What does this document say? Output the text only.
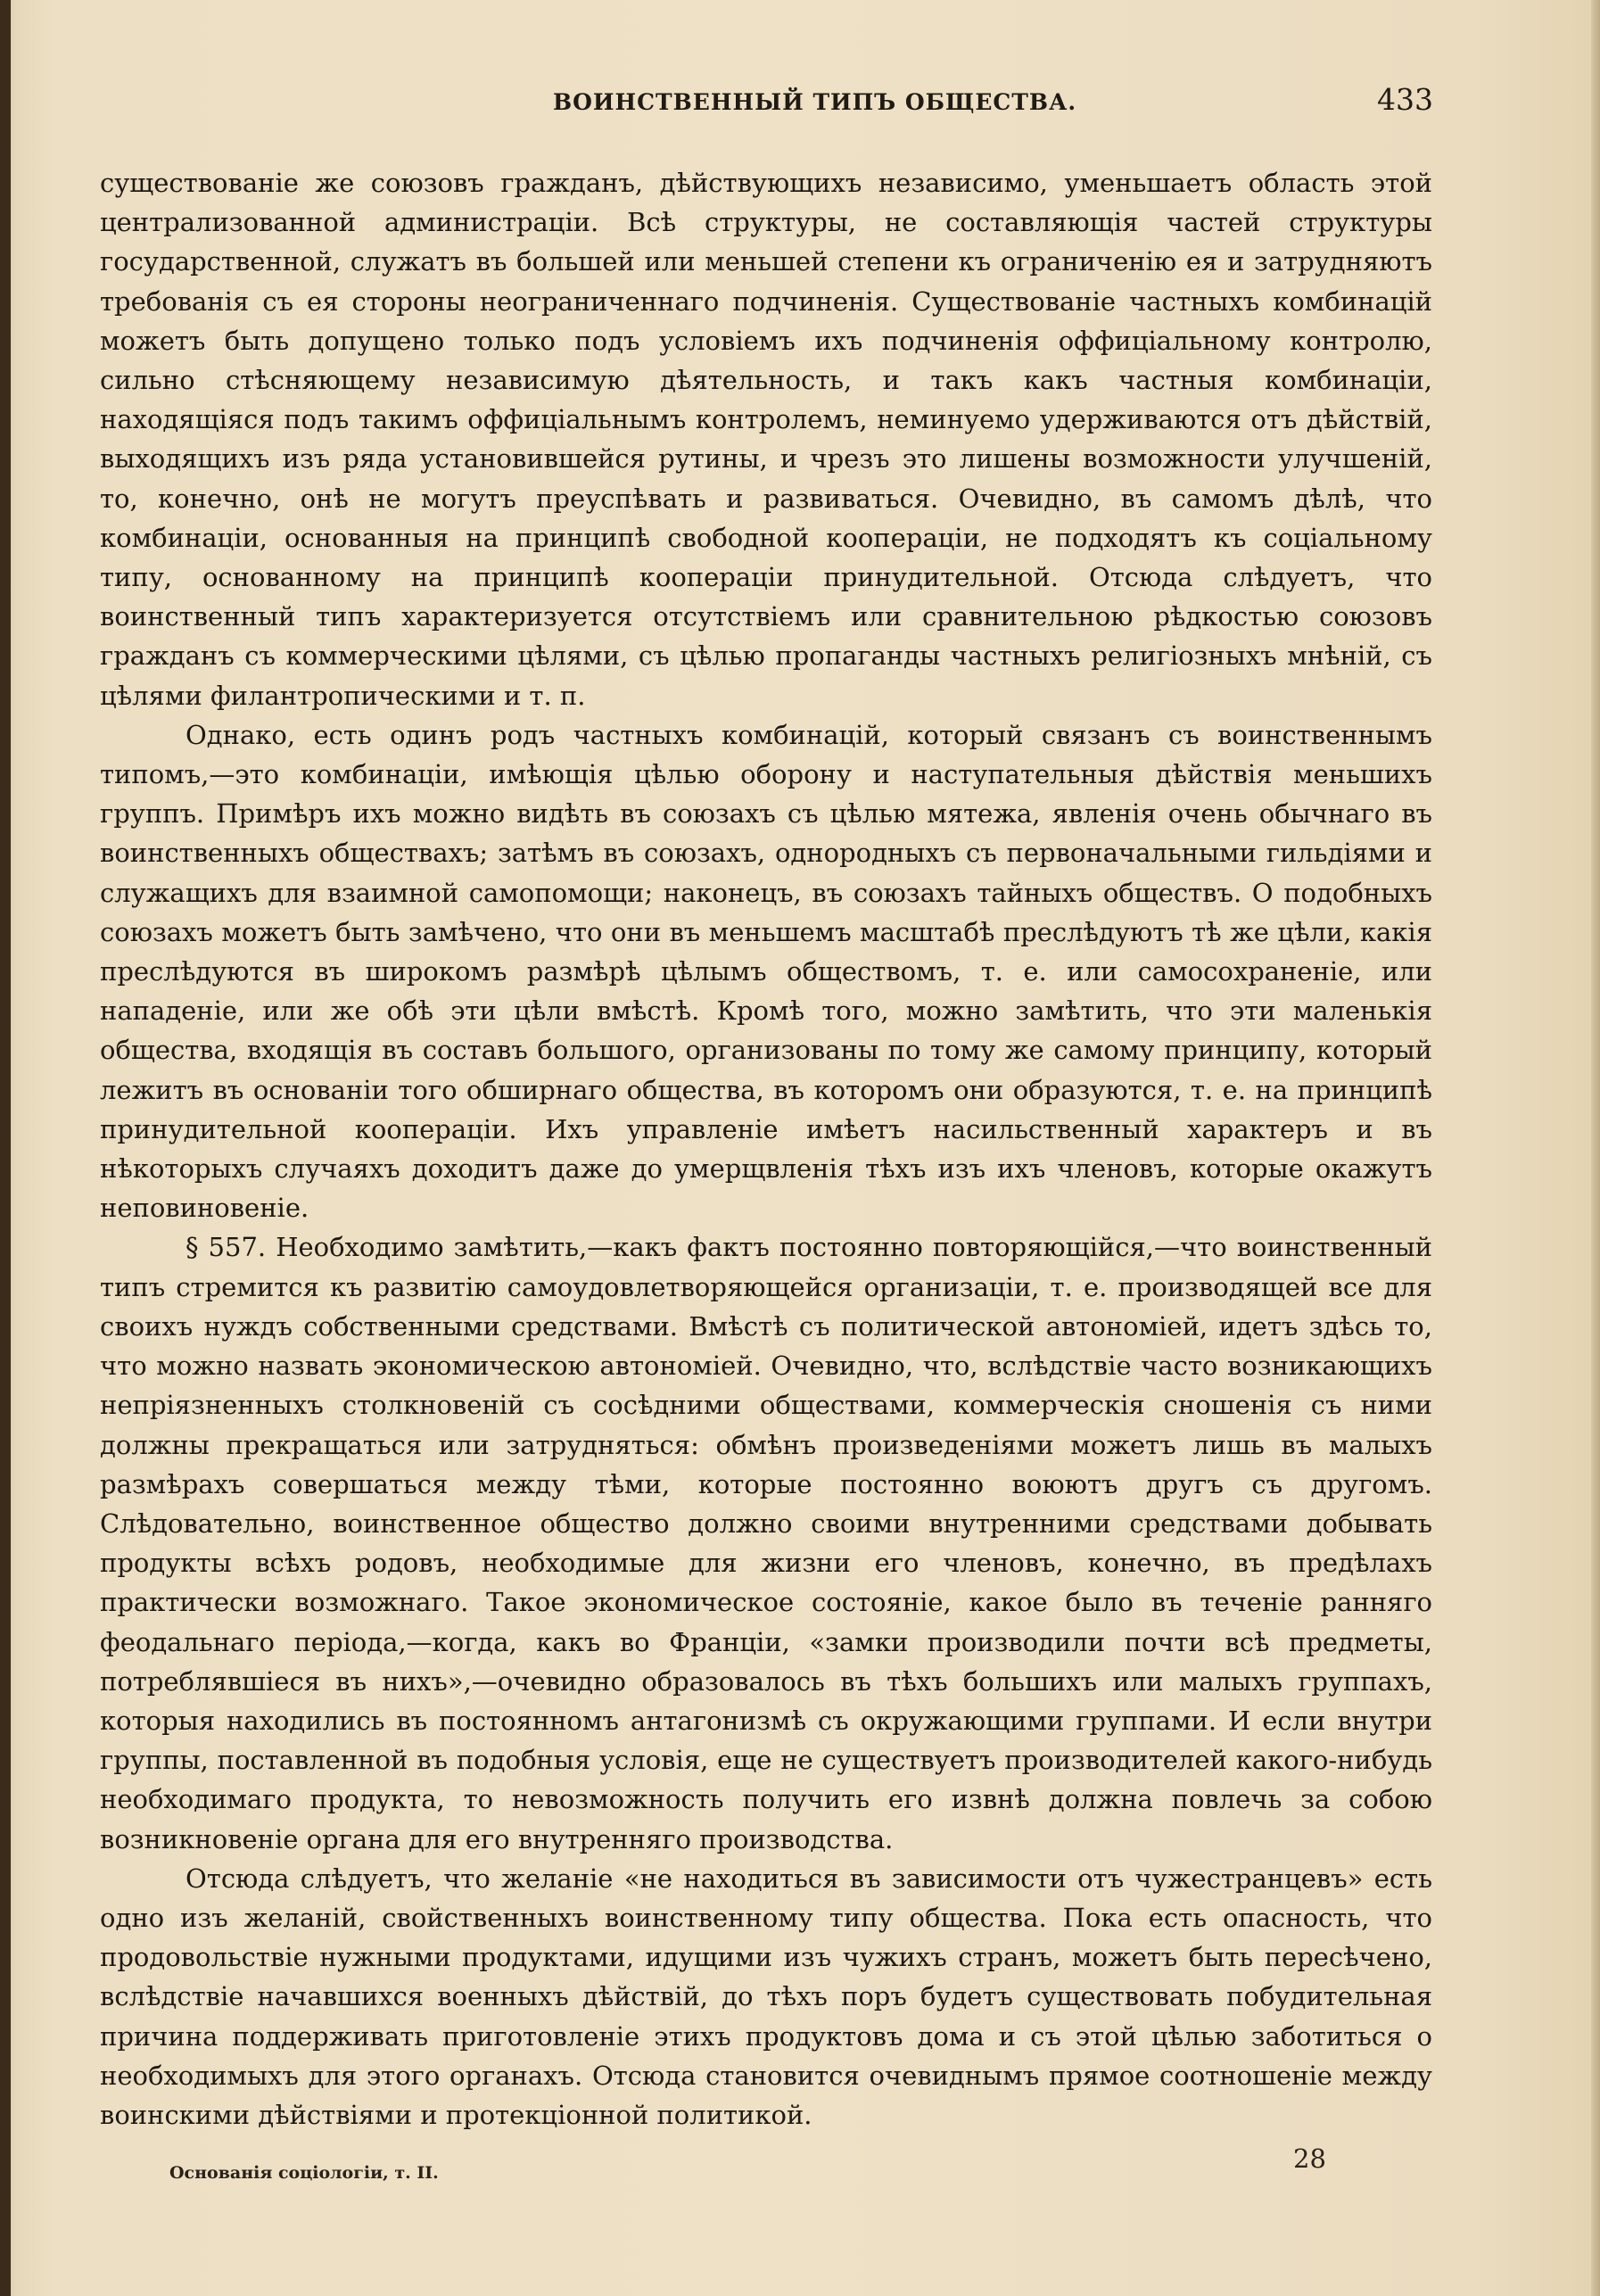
ВОИНСТВЕННЫЙ ТИПЪ ОБЩЕСТВА.	433

существованіе же союзовъ гражданъ, дѣйствующихъ независимо, уменьшаетъ область этой централизованной администраціи. Всѣ структуры, не составляющія частей структуры государственной, служатъ въ большей или меньшей степени къ ограниченію ея и затрудняютъ требованія съ ея стороны неограниченнаго подчиненія. Существованіе частныхъ комбинацій можетъ быть допущено только подъ условіемъ ихъ подчиненія оффиціальному контролю, сильно стѣсняющему независимую дѣятельность, и такъ какъ частныя комбинаціи, находящіяся подъ такимъ оффиціальнымъ контролемъ, неминуемо удерживаются отъ дѣйствій, выходящихъ изъ ряда установившейся рутины, и чрезъ это лишены возможности улучшеній, то, конечно, онѣ не могутъ преуспѣвать и развиваться. Очевидно, въ самомъ дѣлѣ, что комбинаціи, основанныя на принципѣ свободной коопераціи, не подходятъ къ соціальному типу, основанному на принципѣ коопераціи принудительной. Отсюда слѣдуетъ, что воинственный типъ характеризуется отсутствіемъ или сравнительною рѣдкостью союзовъ гражданъ съ коммерческими цѣлями, съ цѣлью пропаганды частныхъ религіозныхъ мнѣній, съ цѣлями филантропическими и т. п.

Однако, есть одинъ родъ частныхъ комбинацій, который связанъ съ воинственнымъ типомъ,—это комбинаціи, имѣющія цѣлью оборону и наступательныя дѣйствія меньшихъ группъ. Примѣръ ихъ можно видѣть въ союзахъ съ цѣлью мятежа, явленія очень обычнаго въ воинственныхъ обществахъ; затѣмъ въ союзахъ, однородныхъ съ первоначальными гильдіями и служащихъ для взаимной самопомощи; наконецъ, въ союзахъ тайныхъ обществъ. О подобныхъ союзахъ можетъ быть замѣчено, что они въ меньшемъ масштабѣ преслѣдуютъ тѣ же цѣли, какія преслѣдуются въ широкомъ размѣрѣ цѣлымъ обществомъ, т. е. или самосохраненіе, или нападеніе, или же обѣ эти цѣли вмѣстѣ. Кромѣ того, можно замѣтить, что эти маленькія общества, входящія въ составъ большого, организованы по тому же самому принципу, который лежитъ въ основаніи того обширнаго общества, въ которомъ они образуются, т. е. на принципѣ принудительной коопераціи. Ихъ управленіе имѣетъ насильственный характеръ и въ нѣкоторыхъ случаяхъ доходитъ даже до умерщвленія тѣхъ изъ ихъ членовъ, которые окажутъ неповиновеніе.

§ 557. Необходимо замѣтить,—какъ фактъ постоянно повторяющійся,—что воинственный типъ стремится къ развитію самоудовлетворяющейся организаціи, т. е. производящей все для своихъ нуждъ собственными средствами. Вмѣстѣ съ политической автономіей, идетъ здѣсь то, что можно назвать экономическою автономіей. Очевидно, что, вслѣдствіе часто возникающихъ непріязненныхъ столкновеній съ сосѣдними обществами, коммерческія сношенія съ ними должны прекращаться или затрудняться: обмѣнъ произведеніями можетъ лишь въ малыхъ размѣрахъ совершаться между тѣми, которые постоянно воюютъ другъ съ другомъ. Слѣдовательно, воинственное общество должно своими внутренними средствами добывать продукты всѣхъ родовъ, необходимые для жизни его членовъ, конечно, въ предѣлахъ практически возможнаго. Такое экономическое состояніе, какое было въ теченіе ранняго феодальнаго періода,—когда, какъ во Франціи, «замки производили почти всѣ предметы, потреблявшіеся въ нихъ»,—очевидно образовалось въ тѣхъ большихъ или малыхъ группахъ, которыя находились въ постоянномъ антагонизмѣ съ окружающими группами. И если внутри группы, поставленной въ подобныя условія, еще не существуетъ производителей какого-нибудь необходимаго продукта, то невозможность получить его извнѣ должна повлечь за собою возникновеніе органа для его внутренняго производства.

Отсюда слѣдуетъ, что желаніе «не находиться въ зависимости отъ чужестранцевъ» есть одно изъ желаній, свойственныхъ воинственному типу общества. Пока есть опасность, что продовольствіе нужными продуктами, идущими изъ чужихъ странъ, можетъ быть пересѣчено, вслѣдствіе начавшихся военныхъ дѣйствій, до тѣхъ поръ будетъ существовать побудительная причина поддерживать приготовленіе этихъ продуктовъ дома и съ этой цѣлью заботиться о необходимыхъ для этого органахъ. Отсюда становится очевиднымъ прямое соотношеніе между воинскими дѣйствіями и протекціонной политикой.

Основанія соціологіи, т. II.	28
